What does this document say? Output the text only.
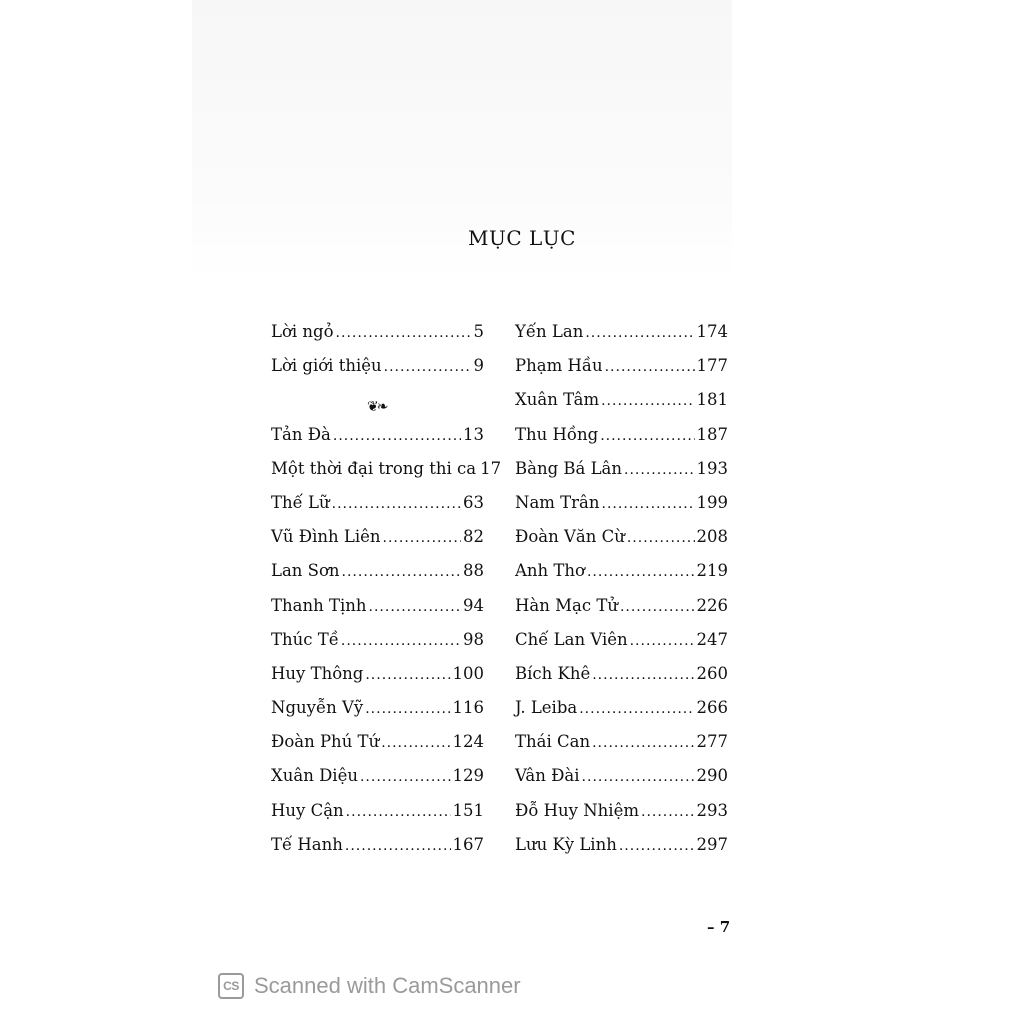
MỤC LỤC
Lời ngỏ .....	5
Lời giới thiệu .....	9
❦❧
Tản Đà .....	13
Một thời đại trong thi ca 17
Thế Lữ .....	63
Vũ Đình Liên .....	82
Lan Sơn .....	88
Thanh Tịnh .....	94
Thúc Tề .....	98
Huy Thông .....	100
Nguyễn Vỹ .....	116
Đoàn Phú Tứ .....	124
Xuân Diệu .....	129
Huy Cận .....	151
Tế Hanh .....	167
Yến Lan .....	174
Phạm Hầu .....	177
Xuân Tâm .....	181
Thu Hồng .....	187
Bàng Bá Lân .....	193
Nam Trân .....	199
Đoàn Văn Cừ .....	208
Anh Thơ .....	219
Hàn Mạc Tử .....	226
Chế Lan Viên .....	247
Bích Khê .....	260
J. Leiba .....	266
Thái Can .....	277
Vân Đài .....	290
Đỗ Huy Nhiệm .....	293
Lưu Kỳ Linh .....	297
– 7
CS Scanned with CamScanner
